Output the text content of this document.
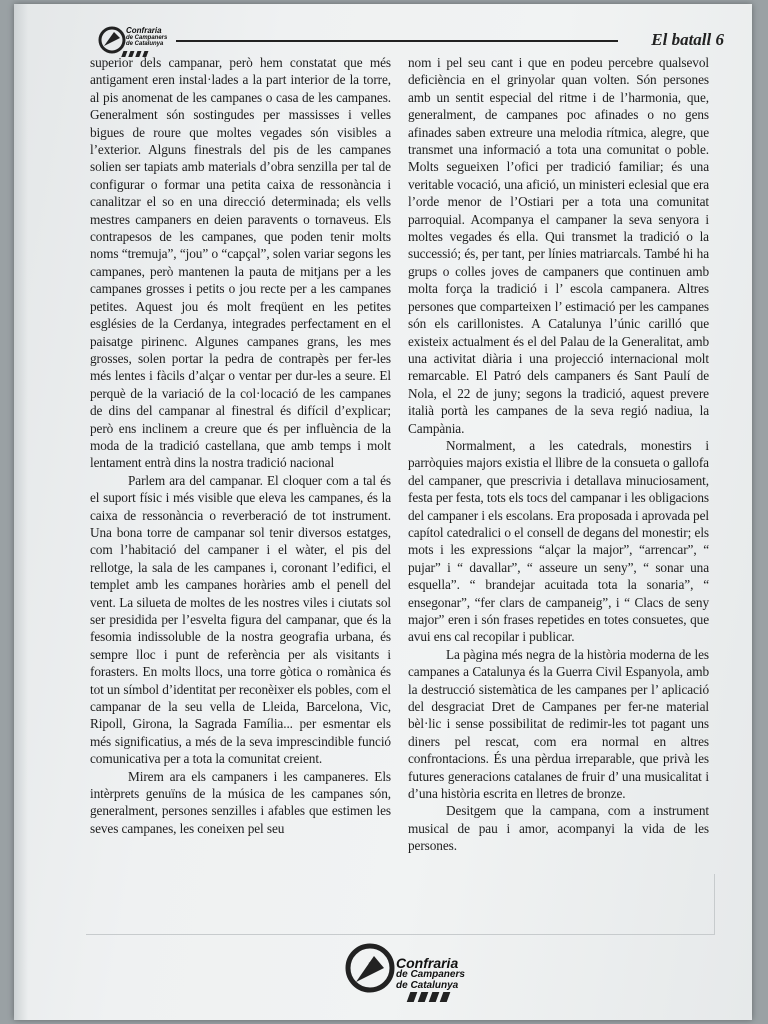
Confraria
de Campaners
de Catalunya	El batall 6

superior dels campanar, però hem constatat que més antigament eren instal·lades a la part interior de la torre, al pis anomenat de les campanes o casa de les campanes. Generalment són sostingudes per massisses i velles bigues de roure que moltes vegades són visibles a l’exterior. Alguns finestrals del pis de les campanes solien ser tapiats amb materials d’obra senzilla per tal de configurar o formar una petita caixa de ressonància i canalitzar el so en una direcció determinada; els vells mestres campaners en deien paravents o tornaveus. Els contrapesos de les campanes, que poden tenir molts noms “tremuja”, “jou” o “capçal”, solen variar segons les campanes, però mantenen la pauta de mitjans per a les campanes grosses i petits o jou recte per a les campanes petites. Aquest jou és molt freqüent en les petites esglésies de la Cerdanya, integrades perfectament en el paisatge pirinenc. Algunes campanes grans, les mes grosses, solen portar la pedra de contrapès per fer-les més lentes i fàcils d’alçar o ventar per dur-les a seure. El perquè de la variació de la col·locació de les campanes de dins del campanar al finestral és difícil d’explicar; però ens inclinem a creure que és per influència de la moda de la tradició castellana, que amb temps i molt lentament entrà dins la nostra tradició nacional

Parlem ara del campanar. El cloquer com a tal és el suport físic i més visible que eleva les campanes, és la caixa de ressonància o reverberació de tot instrument. Una bona torre de campanar sol tenir diversos estatges, com l’habitació del campaner i el wàter, el pis del rellotge, la sala de les campanes i, coronant l’edifici, el templet amb les campanes horàries amb el penell del vent. La silueta de moltes de les nostres viles i ciutats sol ser presidida per l’esvelta figura del campanar, que és la fesomia indissoluble de la nostra geografia urbana, és sempre lloc i punt de referència per als visitants i forasters. En molts llocs, una torre gòtica o romànica és tot un símbol d’identitat per reconèixer els pobles, com el campanar de la seu vella de Lleida, Barcelona, Vic, Ripoll, Girona, la Sagrada Família... per esmentar els més significatius, a més de la seva imprescindible funció comunicativa per a tota la comunitat creient.

Mirem ara els campaners i les campaneres. Els intèrprets genuïns de la música de les campanes són, generalment, persones senzilles i afables que estimen les seves campanes, les coneixen pel seu

nom i pel seu cant i que en podeu percebre qualsevol deficiència en el grinyolar quan volten. Són persones amb un sentit especial del ritme i de l’harmonia, que, generalment, de campanes poc afinades o no gens afinades saben extreure una melodia rítmica, alegre, que transmet una informació a tota una comunitat o poble. Molts segueixen l’ofici per tradició familiar; és una veritable vocació, una afició, un ministeri eclesial que era l’orde menor de l’Ostiari per a tota una comunitat parroquial. Acompanya el campaner la seva senyora i moltes vegades és ella. Qui transmet la tradició o la successió; és, per tant, per línies matriarcals. També hi ha grups o colles joves de campaners que continuen amb molta força la tradició i l’ escola campanera. Altres persones que comparteixen l’ estimació per les campanes són els carillonistes. A Catalunya l’únic carilló que existeix actualment és el del Palau de la Generalitat, amb una activitat diària i una projecció internacional molt remarcable. El Patró dels campaners és Sant Paulí de Nola, el 22 de juny; segons la tradició, aquest prevere italià portà les campanes de la seva regió nadiua, la Campània.

Normalment, a les catedrals, monestirs i parròquies majors existia el llibre de la consueta o gallofa del campaner, que prescrivia i detallava minuciosament, festa per festa, tots els tocs del campanar i les obligacions del campaner i els escolans. Era proposada i aprovada pel capítol catedralici o el consell de degans del monestir; els mots i les expressions “alçar la major”, “arrencar”, “ pujar” i “ davallar”, “ asseure un seny”, “ sonar una esquella”. “ brandejar acuitada tota la sonaria”, “ ensegonar”, “fer clars de campaneig”, i “ Clacs de seny major” eren i són frases repetides en totes consuetes, que avui ens cal recopilar i publicar.

La pàgina més negra de la història moderna de les campanes a Catalunya és la Guerra Civil Espanyola, amb la destrucció sistemàtica de les campanes per l’ aplicació del desgraciat Dret de Campanes per fer-ne material bèl·lic i sense possibilitat de redimir-les tot pagant uns diners pel rescat, com era normal en altres confrontacions. És una pèrdua irreparable, que privà les futures generacions catalanes de fruir d’ una musicalitat i d’una història escrita en lletres de bronze.

Desitgem que la campana, com a instrument musical de pau i amor, acompanyi la vida de les persones.

Confraria
de Campaners
de Catalunya
5
